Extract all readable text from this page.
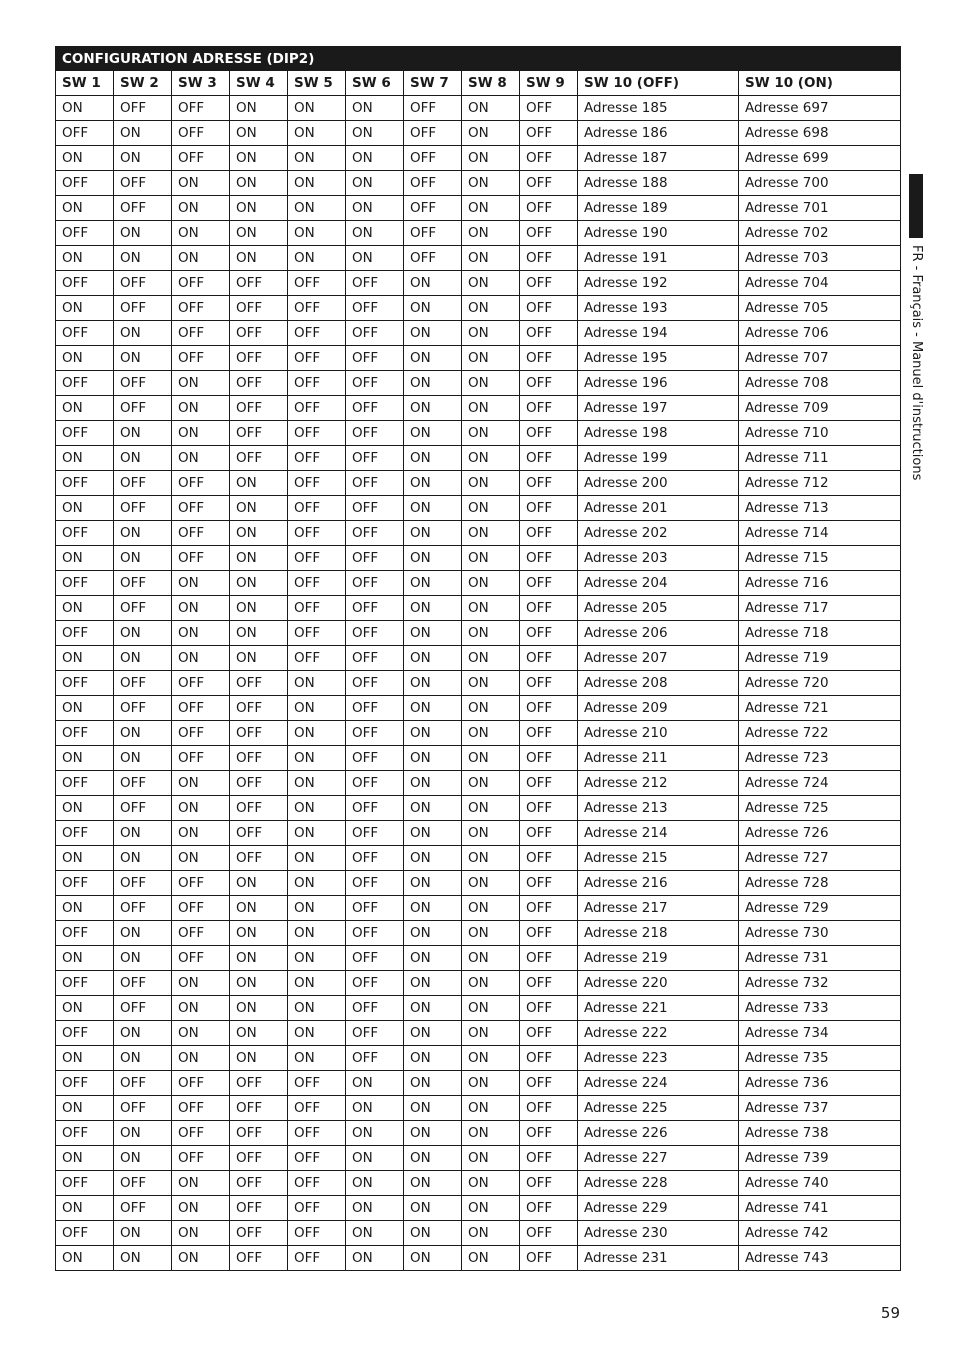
CONFIGURATION ADRESSE (DIP2)										
SW 1	SW 2	SW 3	SW 4	SW 5	SW 6	SW 7	SW 8	SW 9	SW 10 (OFF)	SW 10 (ON)
ON	OFF	OFF	ON	ON	ON	OFF	ON	OFF	Adresse 185	Adresse 697
OFF	ON	OFF	ON	ON	ON	OFF	ON	OFF	Adresse 186	Adresse 698
ON	ON	OFF	ON	ON	ON	OFF	ON	OFF	Adresse 187	Adresse 699
OFF	OFF	ON	ON	ON	ON	OFF	ON	OFF	Adresse 188	Adresse 700
ON	OFF	ON	ON	ON	ON	OFF	ON	OFF	Adresse 189	Adresse 701
OFF	ON	ON	ON	ON	ON	OFF	ON	OFF	Adresse 190	Adresse 702
ON	ON	ON	ON	ON	ON	OFF	ON	OFF	Adresse 191	Adresse 703
OFF	OFF	OFF	OFF	OFF	OFF	ON	ON	OFF	Adresse 192	Adresse 704
ON	OFF	OFF	OFF	OFF	OFF	ON	ON	OFF	Adresse 193	Adresse 705
OFF	ON	OFF	OFF	OFF	OFF	ON	ON	OFF	Adresse 194	Adresse 706
ON	ON	OFF	OFF	OFF	OFF	ON	ON	OFF	Adresse 195	Adresse 707
OFF	OFF	ON	OFF	OFF	OFF	ON	ON	OFF	Adresse 196	Adresse 708
ON	OFF	ON	OFF	OFF	OFF	ON	ON	OFF	Adresse 197	Adresse 709
OFF	ON	ON	OFF	OFF	OFF	ON	ON	OFF	Adresse 198	Adresse 710
ON	ON	ON	OFF	OFF	OFF	ON	ON	OFF	Adresse 199	Adresse 711
OFF	OFF	OFF	ON	OFF	OFF	ON	ON	OFF	Adresse 200	Adresse 712
ON	OFF	OFF	ON	OFF	OFF	ON	ON	OFF	Adresse 201	Adresse 713
OFF	ON	OFF	ON	OFF	OFF	ON	ON	OFF	Adresse 202	Adresse 714
ON	ON	OFF	ON	OFF	OFF	ON	ON	OFF	Adresse 203	Adresse 715
OFF	OFF	ON	ON	OFF	OFF	ON	ON	OFF	Adresse 204	Adresse 716
ON	OFF	ON	ON	OFF	OFF	ON	ON	OFF	Adresse 205	Adresse 717
OFF	ON	ON	ON	OFF	OFF	ON	ON	OFF	Adresse 206	Adresse 718
ON	ON	ON	ON	OFF	OFF	ON	ON	OFF	Adresse 207	Adresse 719
OFF	OFF	OFF	OFF	ON	OFF	ON	ON	OFF	Adresse 208	Adresse 720
ON	OFF	OFF	OFF	ON	OFF	ON	ON	OFF	Adresse 209	Adresse 721
OFF	ON	OFF	OFF	ON	OFF	ON	ON	OFF	Adresse 210	Adresse 722
ON	ON	OFF	OFF	ON	OFF	ON	ON	OFF	Adresse 211	Adresse 723
OFF	OFF	ON	OFF	ON	OFF	ON	ON	OFF	Adresse 212	Adresse 724
ON	OFF	ON	OFF	ON	OFF	ON	ON	OFF	Adresse 213	Adresse 725
OFF	ON	ON	OFF	ON	OFF	ON	ON	OFF	Adresse 214	Adresse 726
ON	ON	ON	OFF	ON	OFF	ON	ON	OFF	Adresse 215	Adresse 727
OFF	OFF	OFF	ON	ON	OFF	ON	ON	OFF	Adresse 216	Adresse 728
ON	OFF	OFF	ON	ON	OFF	ON	ON	OFF	Adresse 217	Adresse 729
OFF	ON	OFF	ON	ON	OFF	ON	ON	OFF	Adresse 218	Adresse 730
ON	ON	OFF	ON	ON	OFF	ON	ON	OFF	Adresse 219	Adresse 731
OFF	OFF	ON	ON	ON	OFF	ON	ON	OFF	Adresse 220	Adresse 732
ON	OFF	ON	ON	ON	OFF	ON	ON	OFF	Adresse 221	Adresse 733
OFF	ON	ON	ON	ON	OFF	ON	ON	OFF	Adresse 222	Adresse 734
ON	ON	ON	ON	ON	OFF	ON	ON	OFF	Adresse 223	Adresse 735
OFF	OFF	OFF	OFF	OFF	ON	ON	ON	OFF	Adresse 224	Adresse 736
ON	OFF	OFF	OFF	OFF	ON	ON	ON	OFF	Adresse 225	Adresse 737
OFF	ON	OFF	OFF	OFF	ON	ON	ON	OFF	Adresse 226	Adresse 738
ON	ON	OFF	OFF	OFF	ON	ON	ON	OFF	Adresse 227	Adresse 739
OFF	OFF	ON	OFF	OFF	ON	ON	ON	OFF	Adresse 228	Adresse 740
ON	OFF	ON	OFF	OFF	ON	ON	ON	OFF	Adresse 229	Adresse 741
OFF	ON	ON	OFF	OFF	ON	ON	ON	OFF	Adresse 230	Adresse 742
ON	ON	ON	OFF	OFF	ON	ON	ON	OFF	Adresse 231	Adresse 743
FR - Français - Manuel d'instructions
59
